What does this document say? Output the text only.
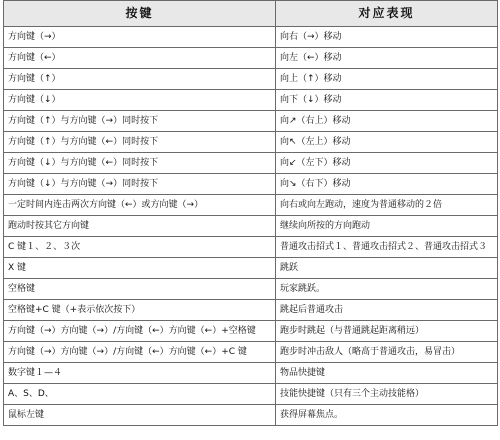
按键	对应表现
方向键（→）	向右（→）移动
方向键（←）	向左（←）移动
方向键（↑）	向上（↑）移动
方向键（↓）	向下（↓）移动
方向键（↑）与方向键（→）同时按下	向↗（右上）移动
方向键（↑）与方向键（←）同时按下	向↖（左上）移动
方向键（↓）与方向键（←）同时按下	向↙（左下）移动
方向键（↓）与方向键（→）同时按下	向↘（右下）移动
一定时间内连击两次方向键（←）或方向键（→）	向右或向左跑动，速度为普通移动的２倍
跑动时按其它方向键	继续向所按的方向跑动
C 键１、２、３次	普通攻击招式１、普通攻击招式２、普通攻击招式３
X 键	跳跃
空格键	玩家跳跃。
空格键+C 键（+表示依次按下）	跳起后普通攻击
方向键（→）方向键（→）/方向键（←）方向键（←）+空格键	跑步时跳起（与普通跳起距离稍远）
方向键（→）方向键（→）/方向键（←）方向键（←）+C 键	跑步时冲击敌人（略高于普通攻击，易冒击）
数字键１—４	物品快捷键
A、S、D、	技能快捷键（只有三个主动技能格）
鼠标左键	获得屏幕焦点。
